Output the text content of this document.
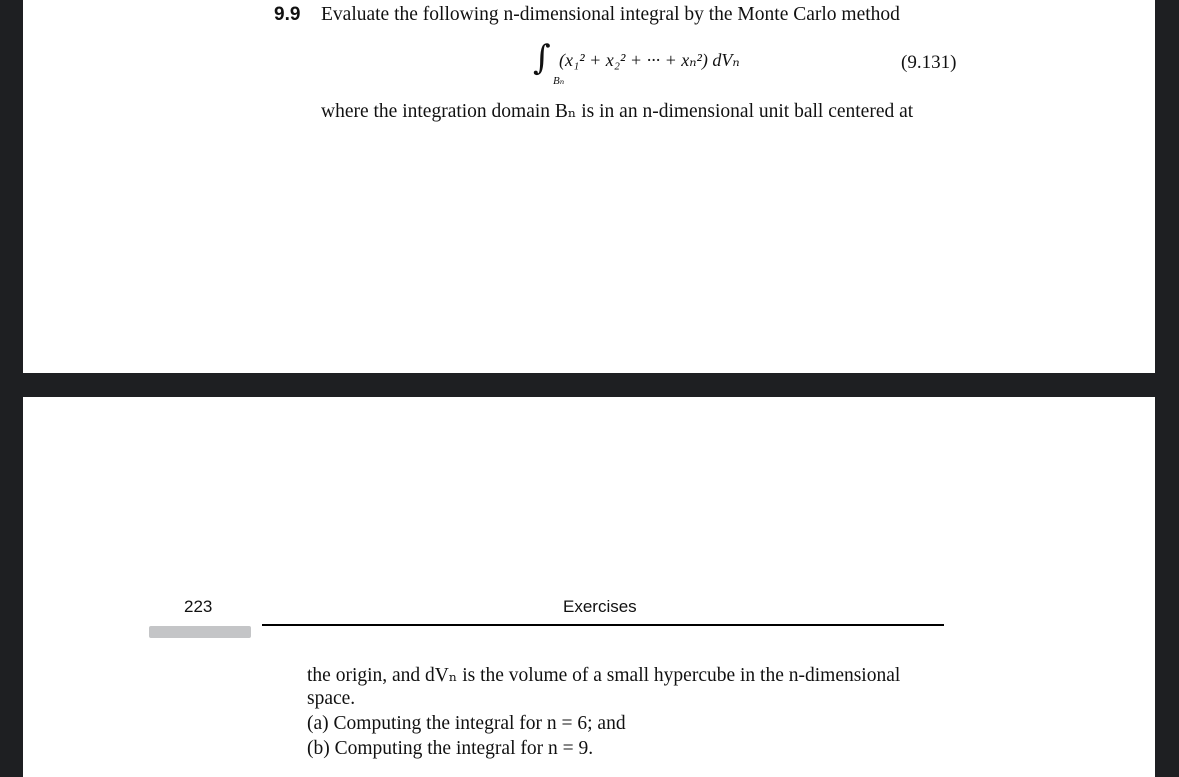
9.9 Evaluate the following n-dimensional integral by the Monte Carlo method
∫ (x₁² + x₂² + ··· + xₙ²) dVₙ
Bₙ
(9.131)
where the integration domain Bₙ is in an n-dimensional unit ball centered at
223	Exercises
the origin, and dVₙ is the volume of a small hypercube in the n-dimensional
space.
(a) Computing the integral for n = 6; and
(b) Computing the integral for n = 9.
